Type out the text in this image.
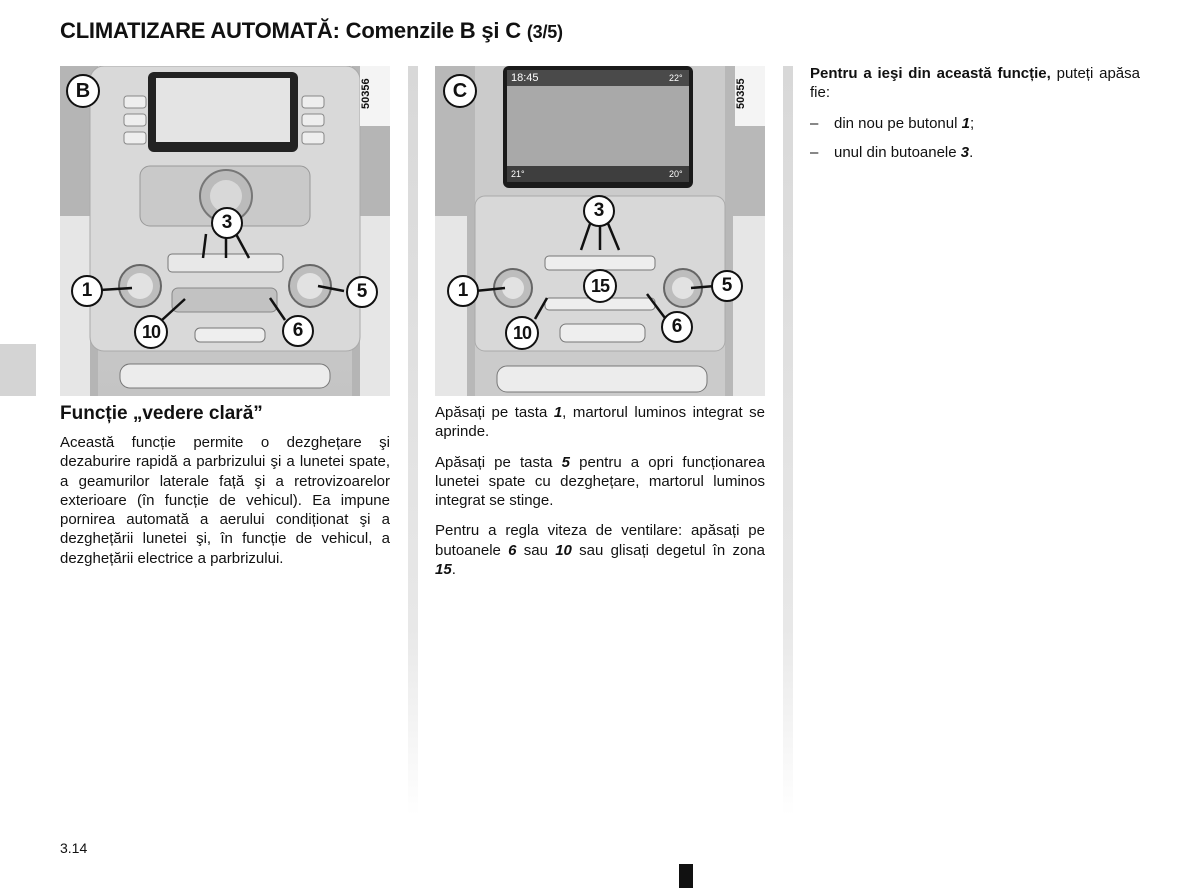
CLIMATIZARE AUTOMATĂ: Comenzile B şi C (3/5)
B	50356
3
1	5
10	6
18:45	22°
21°	20°
C	50355
3
1	15	5
10	6
Funcție „vedere clară”

Această funcție permite o dezghețare şi dezaburire rapidă a parbrizului şi a lunetei spate, a geamurilor laterale față şi a retrovizoarelor exterioare (în funcție de vehicul). Ea impune pornirea automată a aerului condiționat şi a dezghețării lunetei şi, în funcție de vehicul, a dezghețării electrice a parbrizului.

Apăsați pe tasta 1, martorul luminos integrat se aprinde.

Apăsați pe tasta 5 pentru a opri funcționarea lunetei spate cu dezghețare, martorul luminos integrat se stinge.

Pentru a regla viteza de ventilare: apăsați pe butoanele 6 sau 10 sau glisați degetul în zona 15.

Pentru a ieşi din această funcție, puteți apăsa fie:

–	din nou pe butonul 1;
–	unul din butoanele 3.
3.14
